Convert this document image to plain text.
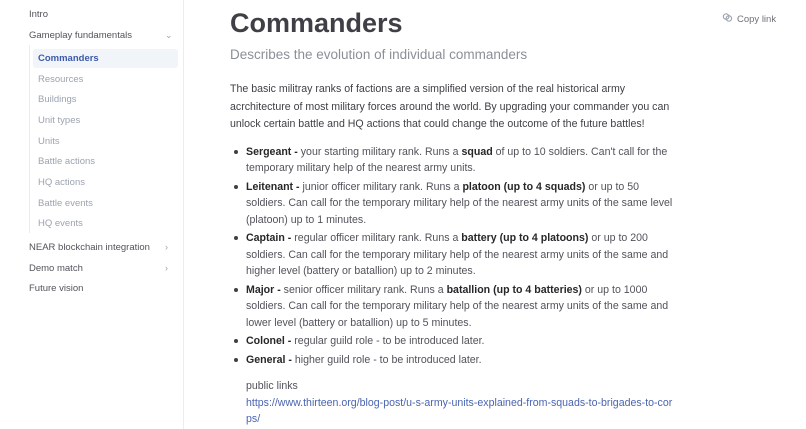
Intro
Gameplay fundamentals	⌄
Commanders
Resources
Buildings
Unit types
Units
Battle actions
HQ actions
Battle events
HQ events
NEAR blockchain integration ›
Demo match	›
Future vision
Commanders
Describes the evolution of individual commanders
Copy link

The basic militray ranks of factions are a simplified version of the real historical army acrchitecture of most military forces around the world. By upgrading your commander you can unlock certain battle and HQ actions that could change the outcome of the future battles!

Sergeant - your starting military rank. Runs a squad of up to 10 soldiers. Can't call for the temporary military help of the nearest army units.
Leitenant - junior officer military rank. Runs a platoon (up to 4 squads) or up to 50 soldiers. Can call for the temporary military help of the nearest army units of the same level (platoon) up to 1 minutes.
Captain - regular officer military rank. Runs a battery (up to 4 platoons) or up to 200 soldiers. Can call for the temporary military help of the nearest army units of the same and higher level (battery or batallion) up to 2 minutes.
Major - senior officer military rank. Runs a batallion (up to 4 batteries) or up to 1000 soldiers. Can call for the temporary military help of the nearest army units of the same and lower level (battery or batallion) up to 5 minutes.
Colonel - regular guild role - to be introduced later.
General - higher guild role - to be introduced later.
public links
https://www.thirteen.org/blog-post/u-s-army-units-explained-from-squads-to-brigades-to-corps/
